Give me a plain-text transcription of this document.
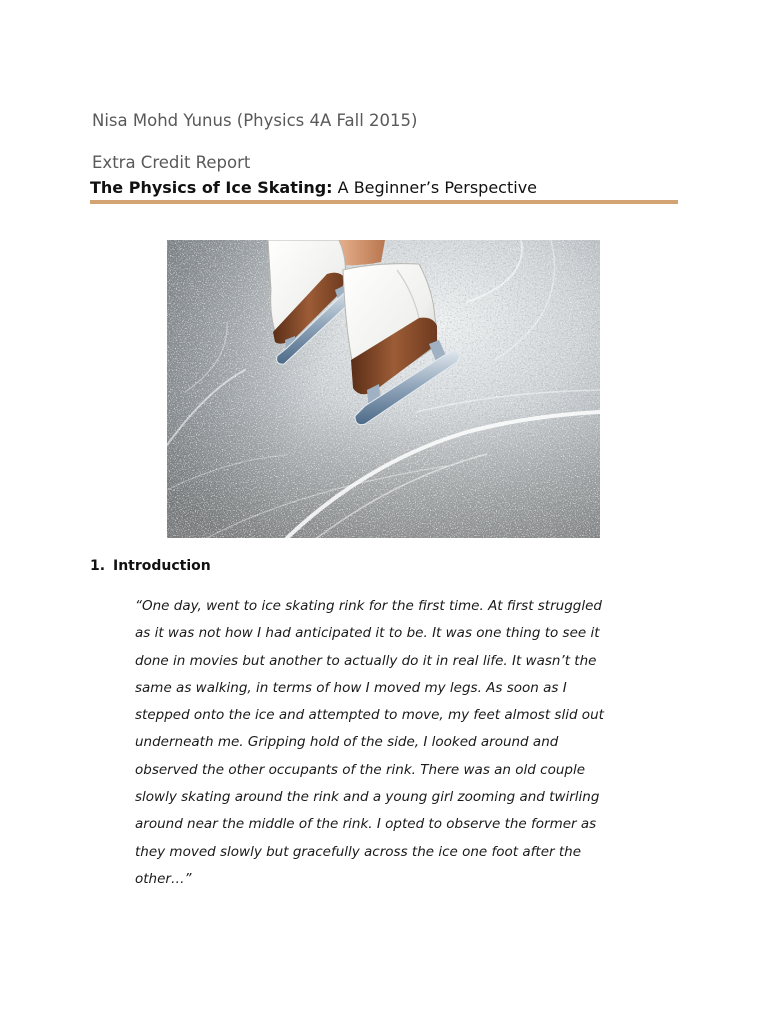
Nisa Mohd Yunus (Physics 4A Fall 2015)
Extra Credit Report
The Physics of Ice Skating: A Beginner’s Perspective
1. Introduction
“One day, went to ice skating rink for the first time. At first struggled
as it was not how I had anticipated it to be. It was one thing to see it
done in movies but another to actually do it in real life. It wasn’t the
same as walking, in terms of how I moved my legs. As soon as I
stepped onto the ice and attempted to move, my feet almost slid out
underneath me. Gripping hold of the side, I looked around and
observed the other occupants of the rink. There was an old couple
slowly skating around the rink and a young girl zooming and twirling
around near the middle of the rink. I opted to observe the former as
they moved slowly but gracefully across the ice one foot after the
other…”
